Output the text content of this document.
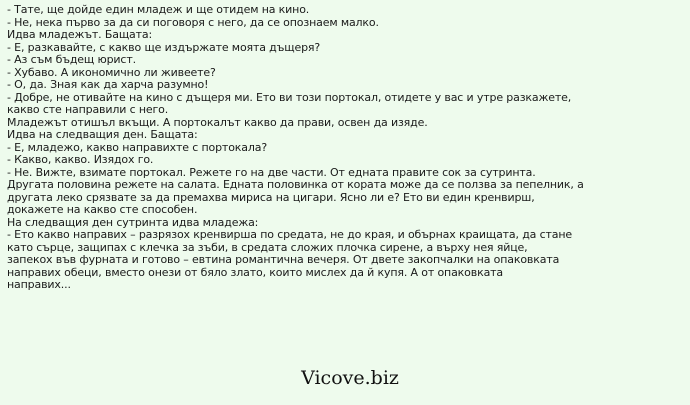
- Тате, ще дойде един младеж и ще отидем на кино.
- Не, нека първо за да си поговоря с него, да се опознаем малко.
Идва младежът. Бащата:
- Е, разкавайте, с какво ще издържате моята дъщеря?
- Аз съм бъдещ юрист.
- Хубаво. А икономично ли живеете?
- О, да. Зная как да харча разумно!
- Добре, не отивайте на кино с дъщеря ми. Ето ви този портокал, отидете у вас и утре разкажете,
какво сте направили с него.
Младежът отишъл вкъщи. А портокалът какво да прави, освен да изяде.
Идва на следващия ден. Бащата:
- Е, младежо, какво направихте с портокала?
- Какво, какво. Изядох го.
- Не. Вижте, взимате портокал. Режете го на две части. От едната правите сок за сутринта.
Другата половина режете на салата. Едната половинка от кората може да се ползва за пепелник, а
другата леко срязвате за да премахва мириса на цигари. Ясно ли е? Ето ви един кренвирш,
докажете на какво сте способен.
На следващия ден сутринта идва младежа:
- Ето какво направих – разрязох кренвирша по средата, не до края, и обърнах краищата, да стане
като сърце, защипах с клечка за зъби, в средата сложих плочка сирене, а върху нея яйце,
запекох във фурната и готово – евтина романтична вечеря. От двете закопчалки на опаковката
направих обеци, вместо онези от бяло злато, които мислех да й купя. А от опаковката
направих...
Vicove.biz
